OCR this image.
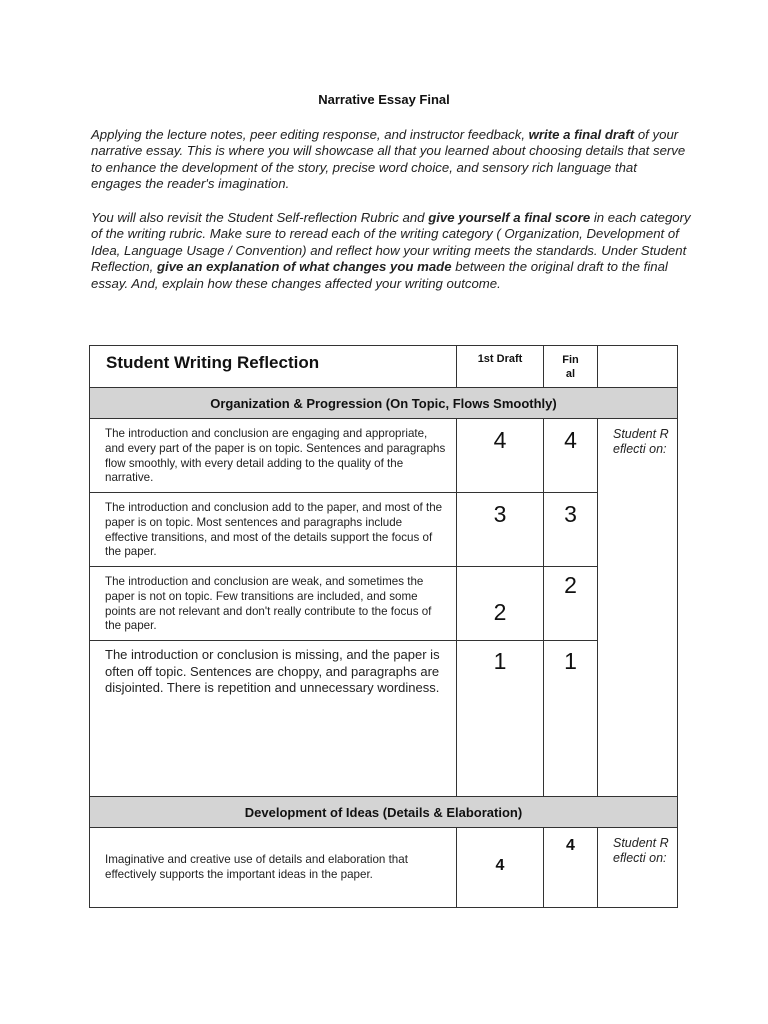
Narrative Essay Final

Applying the lecture notes, peer editing response, and instructor feedback, write a final draft of your narrative essay. This is where you will showcase all that you learned about choosing details that serve to enhance the development of the story, precise word choice, and sensory rich language that engages the reader's imagination.

You will also revisit the Student Self-reflection Rubric and give yourself a final score in each category of the writing rubric. Make sure to reread each of the writing category ( Organization, Development of Idea, Language Usage / Convention) and reflect how your writing meets the standards. Under Student Reflection, give an explanation of what changes you made between the original draft to the final essay. And, explain how these changes affected your writing outcome.

Student Writing Reflection	1st Draft	Fin al	

Organization & Progression (On Topic, Flows Smoothly)			
The introduction and conclusion are engaging and appropriate, and every part of the paper is on topic. Sentences and paragraphs flow smoothly, with every detail adding to the quality of the narrative.	4	4	Student Reflecti on:
The introduction and conclusion add to the paper, and most of the paper is on topic. Most sentences and paragraphs include effective transitions, and most of the details support the focus of the paper.	3	3	

The introduction and conclusion are weak, and sometimes the paper is not on topic. Few transitions are included, and some points are not relevant and don't really contribute to the focus of the paper.	2	2	

The introduction or conclusion is missing, and the paper is often off topic. Sentences are choppy, and paragraphs are disjointed. There is repetition and unnecessary wordiness.	1	1	

Development of Ideas (Details & Elaboration)			
Imaginative and creative use of details and elaboration that effectively supports the important ideas in the paper.	4	4	Student Reflecti on:
